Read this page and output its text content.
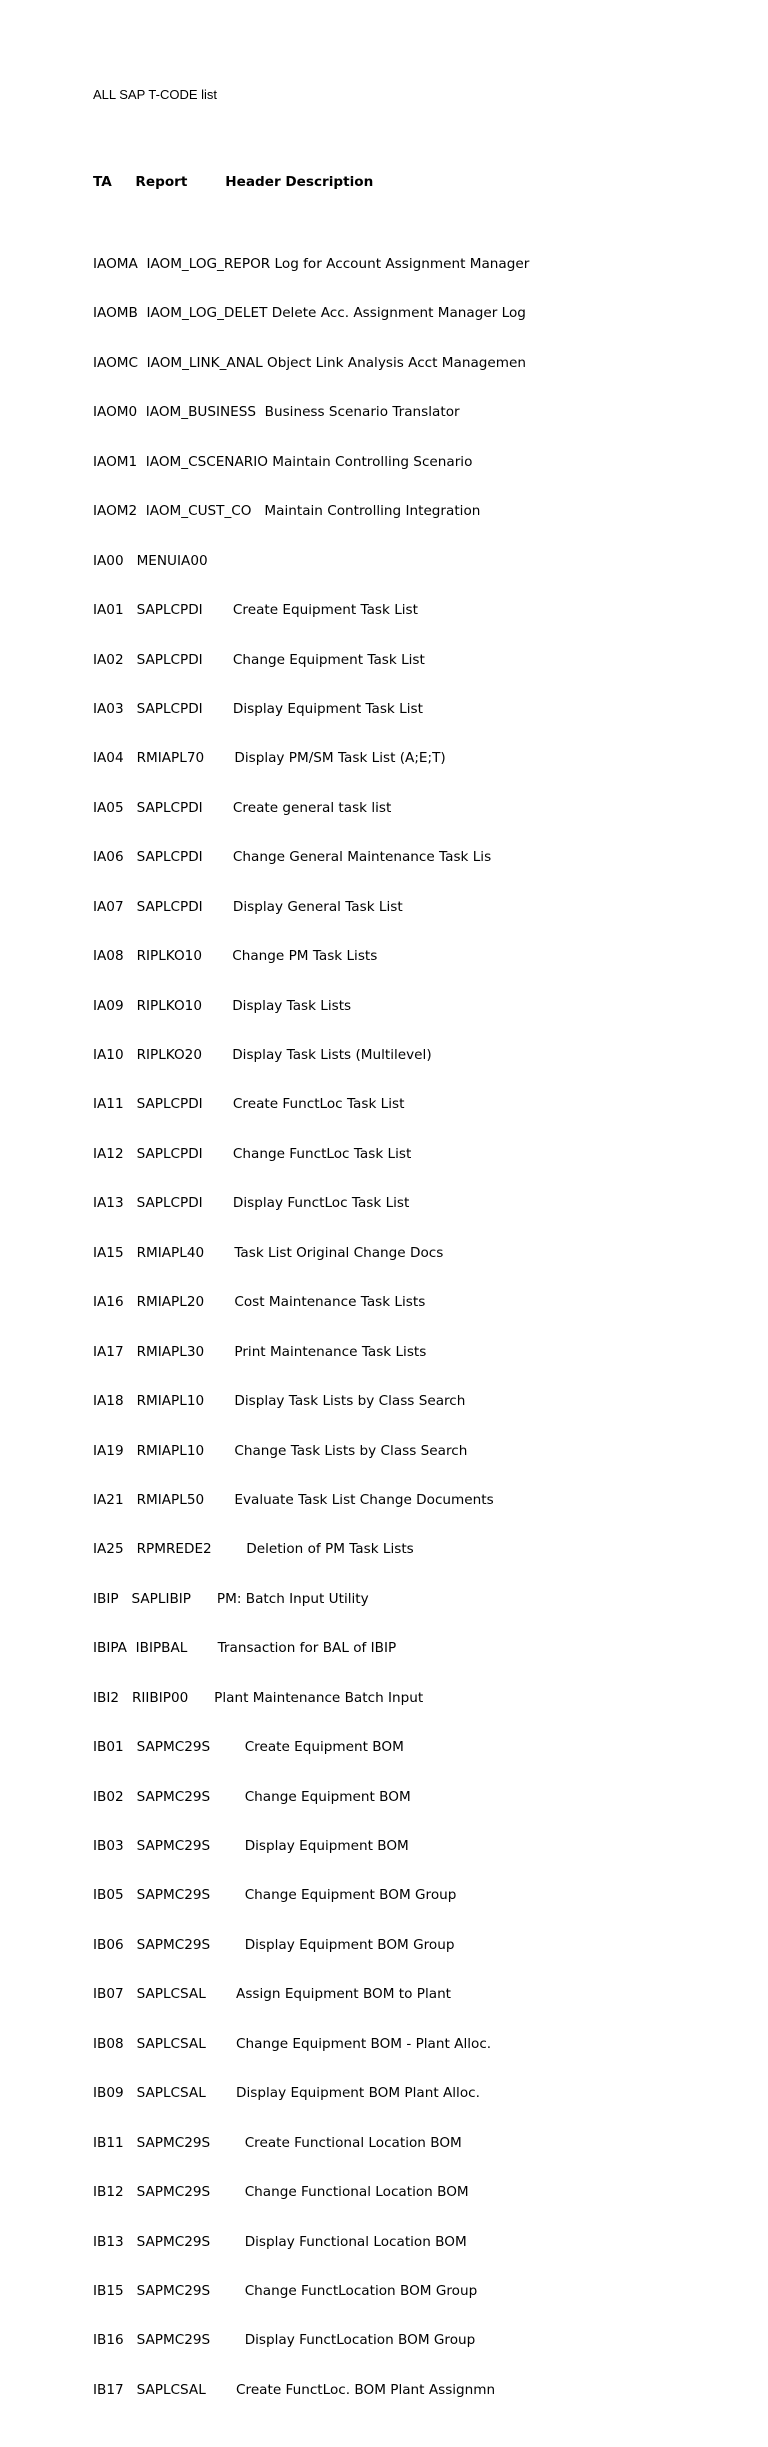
ALL SAP T-CODE list

TA     Report        Header Description

IAOMA  IAOM_LOG_REPOR Log for Account Assignment Manager

IAOMB  IAOM_LOG_DELET Delete Acc. Assignment Manager Log

IAOMC  IAOM_LINK_ANAL Object Link Analysis Acct Managemen

IAOM0  IAOM_BUSINESS  Business Scenario Translator

IAOM1  IAOM_CSCENARIO Maintain Controlling Scenario

IAOM2  IAOM_CUST_CO   Maintain Controlling Integration

IA00   MENUIA00

IA01   SAPLCPDI       Create Equipment Task List

IA02   SAPLCPDI       Change Equipment Task List

IA03   SAPLCPDI       Display Equipment Task List

IA04   RMIAPL70       Display PM/SM Task List (A;E;T)

IA05   SAPLCPDI       Create general task list

IA06   SAPLCPDI       Change General Maintenance Task Lis

IA07   SAPLCPDI       Display General Task List

IA08   RIPLKO10       Change PM Task Lists

IA09   RIPLKO10       Display Task Lists

IA10   RIPLKO20       Display Task Lists (Multilevel)

IA11   SAPLCPDI       Create FunctLoc Task List

IA12   SAPLCPDI       Change FunctLoc Task List

IA13   SAPLCPDI       Display FunctLoc Task List

IA15   RMIAPL40       Task List Original Change Docs

IA16   RMIAPL20       Cost Maintenance Task Lists

IA17   RMIAPL30       Print Maintenance Task Lists

IA18   RMIAPL10       Display Task Lists by Class Search

IA19   RMIAPL10       Change Task Lists by Class Search

IA21   RMIAPL50       Evaluate Task List Change Documents

IA25   RPMREDE2        Deletion of PM Task Lists

IBIP   SAPLIBIP      PM: Batch Input Utility

IBIPA  IBIPBAL       Transaction for BAL of IBIP

IBI2   RIIBIP00      Plant Maintenance Batch Input

IB01   SAPMC29S        Create Equipment BOM

IB02   SAPMC29S        Change Equipment BOM

IB03   SAPMC29S        Display Equipment BOM

IB05   SAPMC29S        Change Equipment BOM Group

IB06   SAPMC29S        Display Equipment BOM Group

IB07   SAPLCSAL       Assign Equipment BOM to Plant

IB08   SAPLCSAL       Change Equipment BOM - Plant Alloc.

IB09   SAPLCSAL       Display Equipment BOM Plant Alloc.

IB11   SAPMC29S        Create Functional Location BOM

IB12   SAPMC29S        Change Functional Location BOM

IB13   SAPMC29S        Display Functional Location BOM

IB15   SAPMC29S        Change FunctLocation BOM Group

IB16   SAPMC29S        Display FunctLocation BOM Group

IB17   SAPLCSAL       Create FunctLoc. BOM Plant Assignmn
